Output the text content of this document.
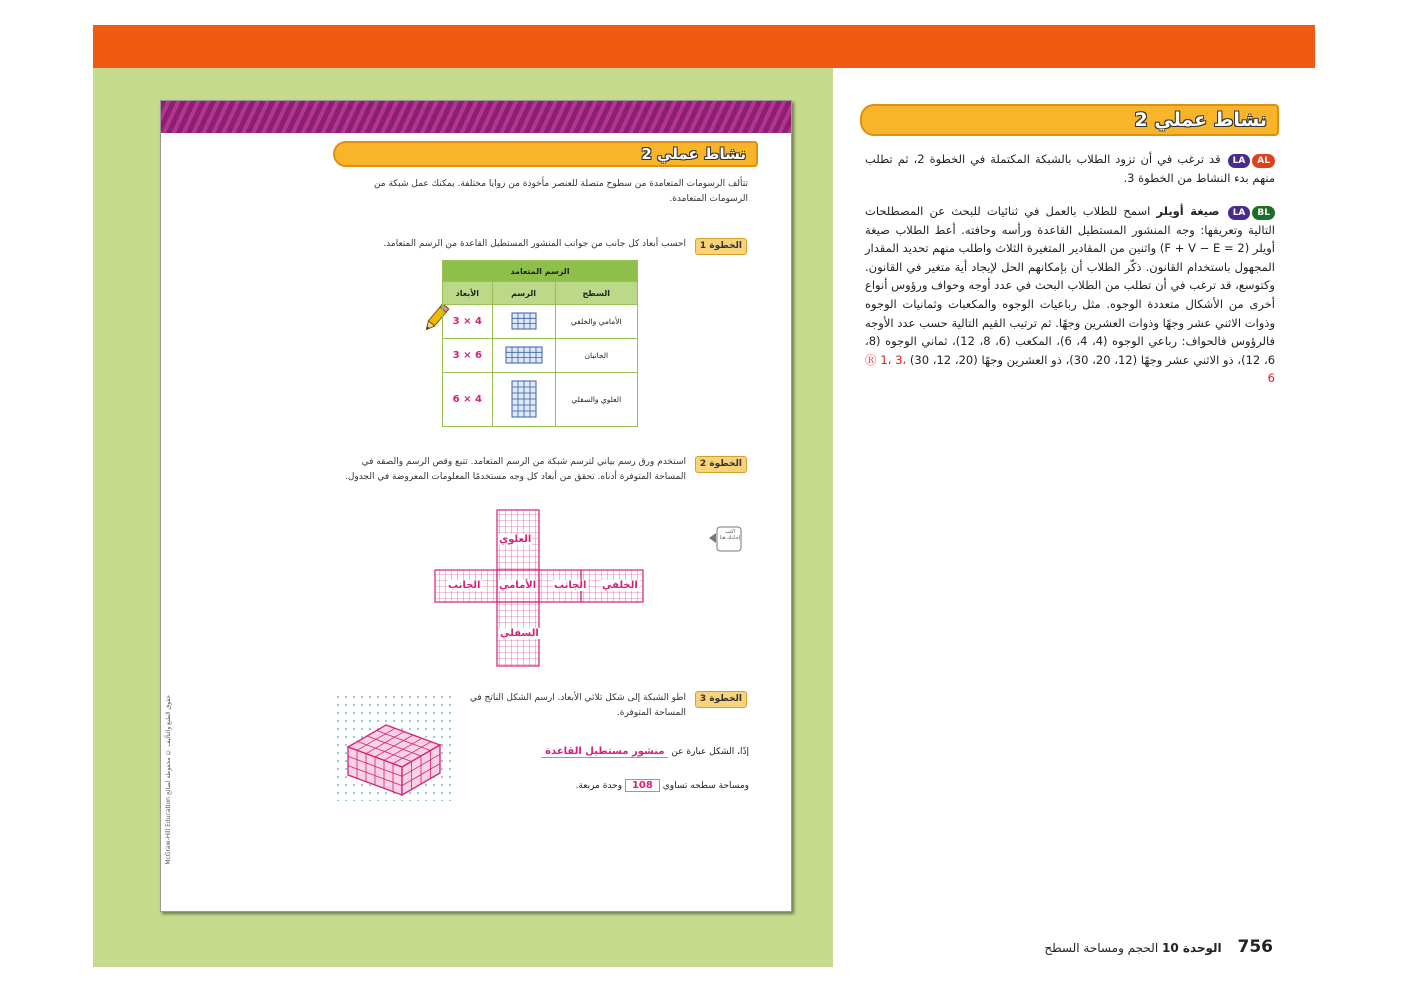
نشاط عملي 2
تتألف الرسومات المتعامدة من سطوح متصلة للعنصر مأخوذة من زوايا مختلفة. يمكنك عمل شبكة من الرسومات المتعامدة.
الخطوة 1
احسب أبعاد كل جانب من جوانب المنشور المستطيل القاعدة من الرسم المتعامد.
الرسم المتعامد		
الأبعاد	الرسم	السطح
3 × 4		الأمامي والخلفي
3 × 6		الجانبان
6 × 4		العلوي والسفلي
الخطوة 2
استخدم ورق رسم بياني لترسم شبكة من الرسم المتعامد. تتبع وقص الرسم والصقه في المساحة المتوفرة أدناه. تحقق من أبعاد كل وجه مستخدمًا المعلومات المعروضة في الجدول.
العلوي
السفلي
الأمامي	الخلفي
الجانب	الجانب
اكتب إجابتك هنا
الخطوة 3
اطو الشبكة إلى شكل ثلاثي الأبعاد. ارسم الشكل الناتج في المساحة المتوفرة.
إذًا، الشكل عبارة عن منشور مستطيل القاعدة
ومساحة سطحه تساوي 108 وحدة مربعة.
McGraw-Hill Education حقوق الطبع والتأليف © محفوظة لصالح
نشاط عملي 2
ALLA قد ترغب في أن تزود الطلاب بالشبكة المكتملة في الخطوة 2، ثم تطلب منهم بدء النشاط من الخطوة 3.
BLLA صيغة أويلر اسمح للطلاب بالعمل في ثنائيات للبحث عن المصطلحات التالية وتعريفها: وجه المنشور المستطيل القاعدة ورأسه وحافته. أعط الطلاب صيغة أويلر (F + V − E = 2) واثنين من المقادير المتغيرة الثلاث واطلب منهم تحديد المقدار المجهول باستخدام القانون. ذكّر الطلاب أن بإمكانهم الحل لإيجاد أية متغير في القانون. وكتوسع، قد ترغب في أن تطلب من الطلاب البحث في عدد أوجه وحواف ورؤوس أنواع أخرى من الأشكال متعددة الوجوه. مثل رباعيات الوجوه والمكعبات وثمانيات الوجوه وذوات الاثني عشر وجهًا وذوات العشرين وجهًا. ثم ترتيب القيم التالية حسب عدد الأوجه فالرؤوس فالحواف: رباعي الوجوه (4، 4، 6)، المكعب (6، 8، 12)، ثماني الوجوه (8، 6، 12)، ذو الاثني عشر وجهًا (12، 20، 30)، ذو العشرين وجهًا (20، 12، 30) Ⓡ 1، 3، 6
756 الوحدة 10 الحجم ومساحة السطح
